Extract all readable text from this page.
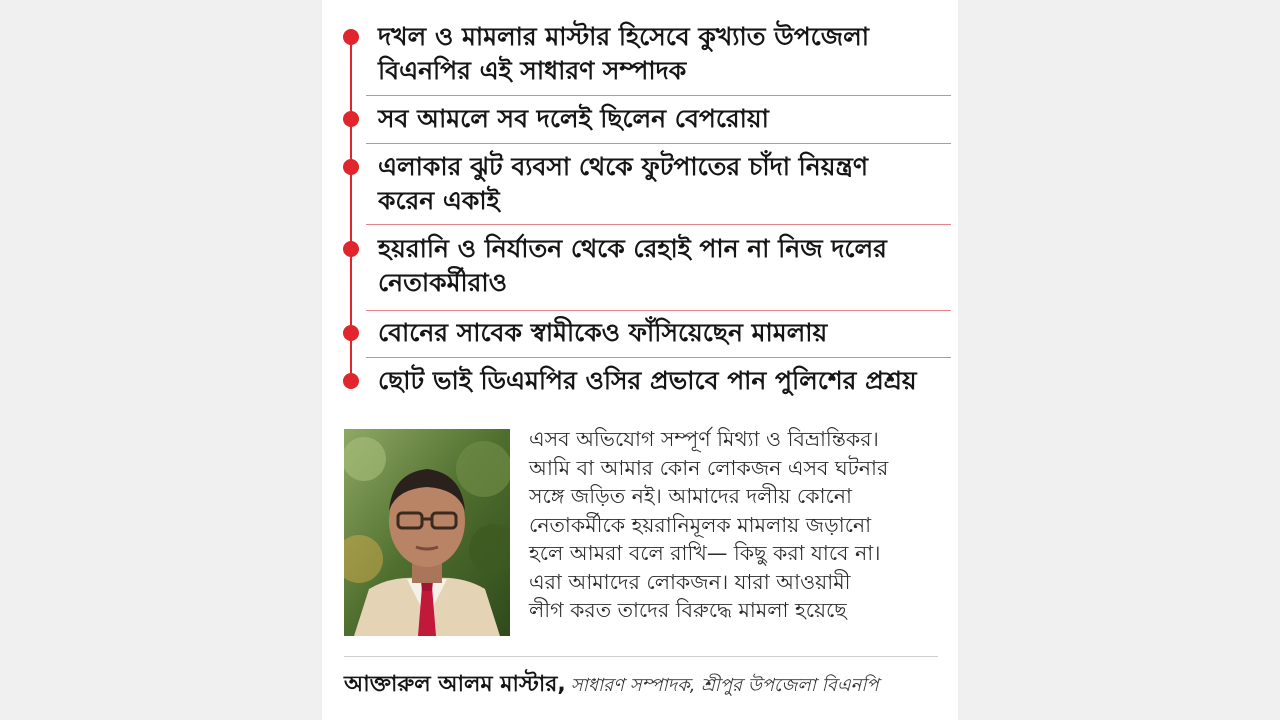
দখল ও মামলার মাস্টার হিসেবে কুখ্যাত উপজেলা
বিএনপির এই সাধারণ সম্পাদক
সব আমলে সব দলেই ছিলেন বেপরোয়া
এলাকার ঝুট ব্যবসা থেকে ফুটপাতের চাঁদা নিয়ন্ত্রণ
করেন একাই
হয়রানি ও নির্যাতন থেকে রেহাই পান না নিজ দলের
নেতাকর্মীরাও
বোনের সাবেক স্বামীকেও ফাঁসিয়েছেন মামলায়
ছোট ভাই ডিএমপির ওসির প্রভাবে পান পুলিশের প্রশ্রয়
এসব অভিযোগ সম্পূর্ণ মিথ্যা ও বিভ্রান্তিকর।
আমি বা আমার কোন লোকজন এসব ঘটনার
সঙ্গে জড়িত নই। আমাদের দলীয় কোনো
নেতাকর্মীকে হয়রানিমূলক মামলায় জড়ানো
হলে আমরা বলে রাখি— কিছু করা যাবে না।
এরা আমাদের লোকজন। যারা আওয়ামী
লীগ করত তাদের বিরুদ্ধে মামলা হয়েছে
আক্তারুল আলম মাস্টার, সাধারণ সম্পাদক, শ্রীপুর উপজেলা বিএনপি
